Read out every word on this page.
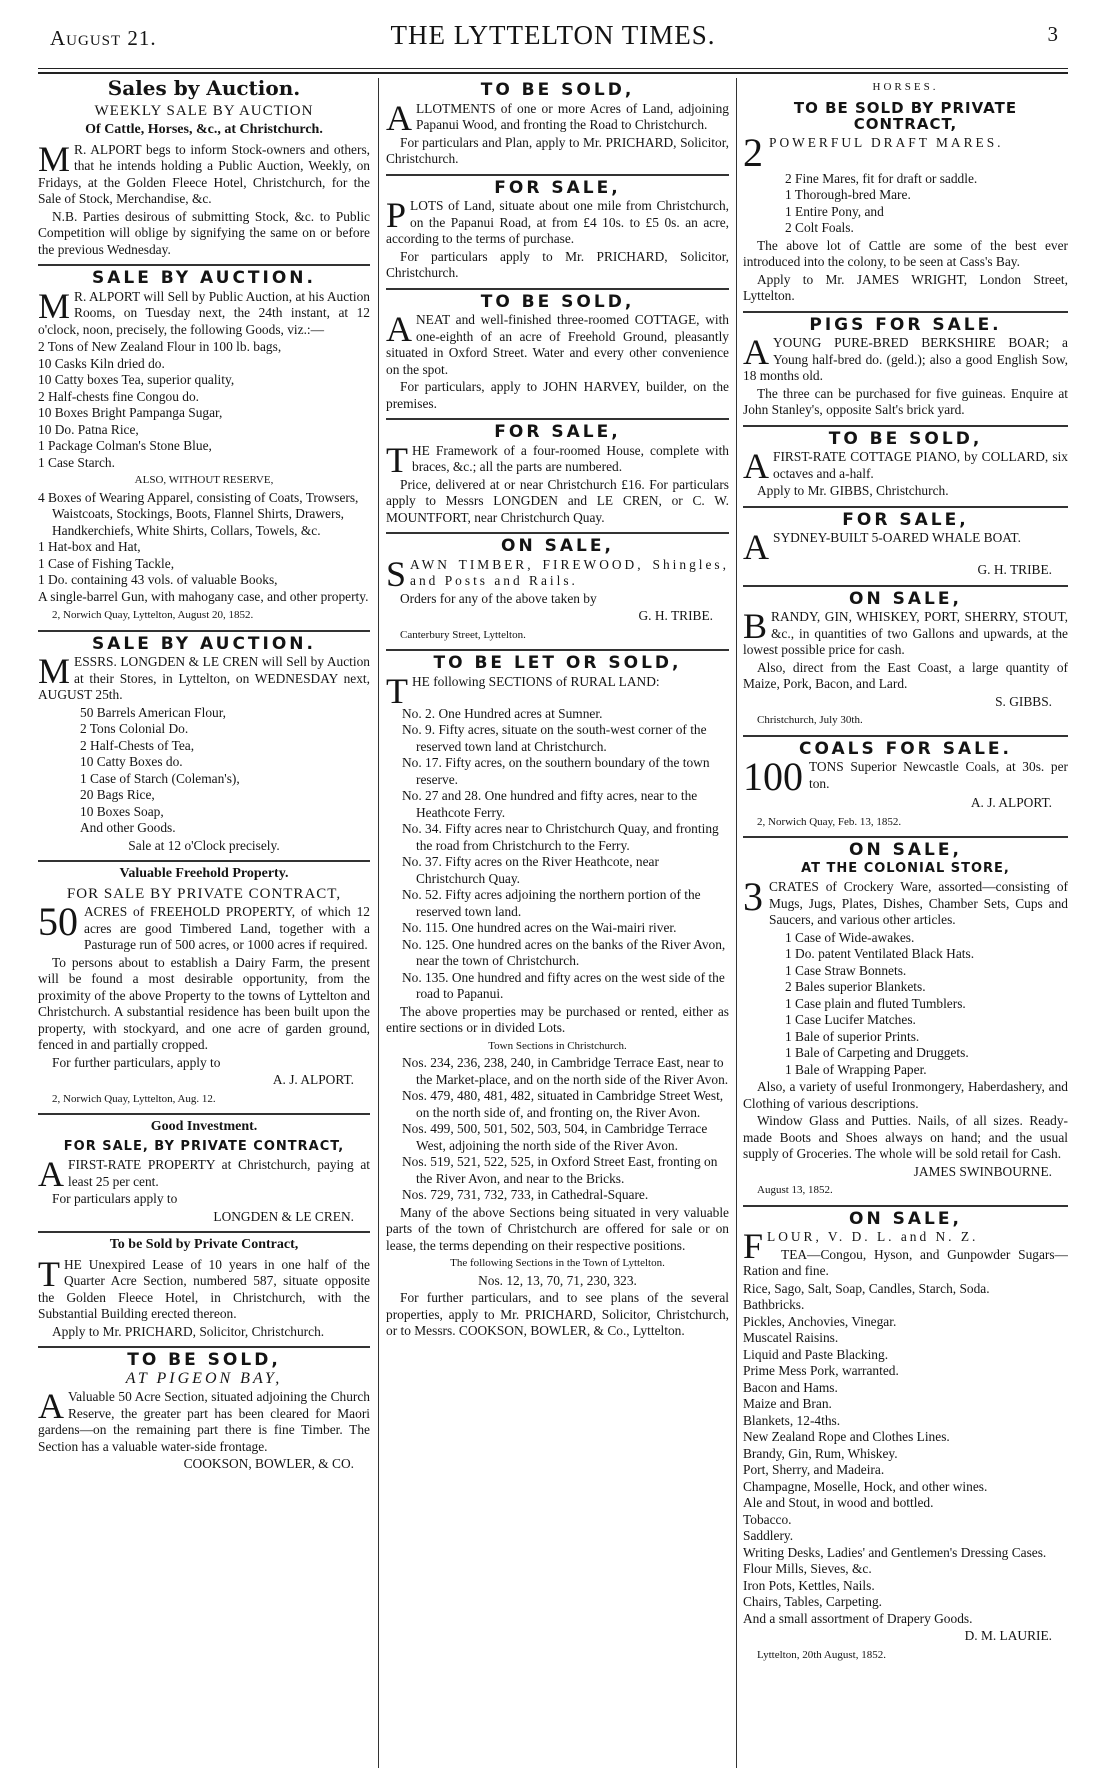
August 21.	THE LYTTELTON TIMES.	3
Sales by Auction.
WEEKLY SALE BY AUCTION
Of Cattle, Horses, &c., at Christchurch.

M R. ALPORT begs to inform Stock-owners and others, that he intends holding a Public Auction, Weekly, on Fridays, at the Golden Fleece Hotel, Christchurch, for the Sale of Stock, Merchandise, &c.

N.B. Parties desirous of submitting Stock, &c. to Public Competition will oblige by signifying the same on or before the previous Wednesday.

SALE BY AUCTION.

M R. ALPORT will Sell by Public Auction, at his Auction Rooms, on Tuesday next, the 24th instant, at 12 o'clock, noon, precisely, the following Goods, viz.:—

2 Tons of New Zealand Flour in 100 lb. bags,

10 Casks Kiln dried do.

10 Catty boxes Tea, superior quality,

2 Half-chests fine Congou do.

10 Boxes Bright Pampanga Sugar,

10 Do. Patna Rice,

1 Package Colman's Stone Blue,

1 Case Starch.

ALSO, WITHOUT RESERVE,

4 Boxes of Wearing Apparel, consisting of Coats, Trowsers, Waistcoats, Stockings, Boots, Flannel Shirts, Drawers, Handkerchiefs, White Shirts, Collars, Towels, &c.

1 Hat-box and Hat,

1 Case of Fishing Tackle,

1 Do. containing 43 vols. of valuable Books,

A single-barrel Gun, with mahogany case, and other property.

2, Norwich Quay, Lyttelton, August 20, 1852.

SALE BY AUCTION.

MESSRS. LONGDEN & LE CREN will Sell by Auction at their Stores, in Lyttelton, on WEDNESDAY next, AUGUST 25th.

50 Barrels American Flour,

2 Tons Colonial Do.

2 Half-Chests of Tea,

10 Catty Boxes do.

1 Case of Starch (Coleman's),

20 Bags Rice,

10 Boxes Soap,

And other Goods.

Sale at 12 o'Clock precisely.

Valuable Freehold Property.
FOR SALE BY PRIVATE CONTRACT,

50 ACRES of FREEHOLD PROPERTY, of which 12 acres are good Timbered Land, together with a Pasturage run of 500 acres, or 1000 acres if required.

To persons about to establish a Dairy Farm, the present will be found a most desirable opportunity, from the proximity of the above Property to the towns of Lyttelton and Christchurch. A substantial residence has been built upon the property, with stockyard, and one acre of garden ground, fenced in and partially cropped.

For further particulars, apply to

A. J. ALPORT.

2, Norwich Quay, Lyttelton, Aug. 12.

Good Investment.
FOR SALE, BY PRIVATE CONTRACT,

AFIRST-RATE PROPERTY at Christchurch, paying at least 25 per cent.

For particulars apply to

LONGDEN & LE CREN.

To be Sold by Private Contract,

THE Unexpired Lease of 10 years in one half of the Quarter Acre Section, numbered 587, situate opposite the Golden Fleece Hotel, in Christchurch, with the Substantial Building erected thereon.

Apply to Mr. PRICHARD, Solicitor, Christchurch.

TO BE SOLD,
AT PIGEON BAY,

A Valuable 50 Acre Section, situated adjoining the Church Reserve, the greater part has been cleared for Maori gardens—on the remaining part there is fine Timber. The Section has a valuable water-side frontage.

COOKSON, BOWLER, & CO.

TO BE SOLD,

ALLOTMENTS of one or more Acres of Land, adjoining Papanui Wood, and fronting the Road to Christchurch.

For particulars and Plan, apply to Mr. PRICHARD, Solicitor, Christchurch.

FOR SALE,

PLOTS of Land, situate about one mile from Christchurch, on the Papanui Road, at from £4 10s. to £5 0s. an acre, according to the terms of purchase.

For particulars apply to Mr. PRICHARD, Solicitor, Christchurch.

TO BE SOLD,

ANEAT and well-finished three-roomed COTTAGE, with one-eighth of an acre of Freehold Ground, pleasantly situated in Oxford Street. Water and every other convenience on the spot.

For particulars, apply to JOHN HARVEY, builder, on the premises.

FOR SALE,

THE Framework of a four-roomed House, complete with braces, &c.; all the parts are numbered.

Price, delivered at or near Christchurch £16. For particulars apply to Messrs LONGDEN and LE CREN, or C. W. MOUNTFORT, near Christchurch Quay.

ON SALE,

SAWN TIMBER, FIREWOOD, Shingles, and Posts and Rails.

Orders for any of the above taken by

G. H. TRIBE.

Canterbury Street, Lyttelton.

TO BE LET OR SOLD,

THE following SECTIONS of RURAL LAND:

No. 2. One Hundred acres at Sumner.

No. 9. Fifty acres, situate on the south-west corner of the reserved town land at Christchurch.

No. 17. Fifty acres, on the southern boundary of the town reserve.

No. 27 and 28. One hundred and fifty acres, near to the Heathcote Ferry.

No. 34. Fifty acres near to Christchurch Quay, and fronting the road from Christchurch to the Ferry.

No. 37. Fifty acres on the River Heathcote, near Christchurch Quay.

No. 52. Fifty acres adjoining the northern portion of the reserved town land.

No. 115. One hundred acres on the Wai-mairi river.

No. 125. One hundred acres on the banks of the River Avon, near the town of Christchurch.

No. 135. One hundred and fifty acres on the west side of the road to Papanui.

The above properties may be purchased or rented, either as entire sections or in divided Lots.

Town Sections in Christchurch.

Nos. 234, 236, 238, 240, in Cambridge Terrace East, near to the Market-place, and on the north side of the River Avon.

Nos. 479, 480, 481, 482, situated in Cambridge Street West, on the north side of, and fronting on, the River Avon.

Nos. 499, 500, 501, 502, 503, 504, in Cambridge Terrace West, adjoining the north side of the River Avon.

Nos. 519, 521, 522, 525, in Oxford Street East, fronting on the River Avon, and near to the Bricks.

Nos. 729, 731, 732, 733, in Cathedral-Square.

Many of the above Sections being situated in very valuable parts of the town of Christchurch are offered for sale or on lease, the terms depending on their respective positions.

The following Sections in the Town of Lyttelton.

Nos. 12, 13, 70, 71, 230, 323.

For further particulars, and to see plans of the several properties, apply to Mr. PRICHARD, Solicitor, Christchurch, or to Messrs. COOKSON, BOWLER, & Co., Lyttelton.

HORSES.
TO BE SOLD BY PRIVATE CONTRACT,

2 POWERFUL DRAFT MARES.

2 Fine Mares, fit for draft or saddle.

1 Thorough-bred Mare.

1 Entire Pony, and

2 Colt Foals.

The above lot of Cattle are some of the best ever introduced into the colony, to be seen at Cass's Bay.

Apply to Mr. JAMES WRIGHT, London Street, Lyttelton.

PIGS FOR SALE.

AYOUNG PURE-BRED BERKSHIRE BOAR; a Young half-bred do. (geld.); also a good English Sow, 18 months old.

The three can be purchased for five guineas. Enquire at John Stanley's, opposite Salt's brick yard.

TO BE SOLD,

AFIRST-RATE COTTAGE PIANO, by COLLARD, six octaves and a-half.

Apply to Mr. GIBBS, Christchurch.

FOR SALE,

ASYDNEY-BUILT 5-OARED WHALE BOAT.

G. H. TRIBE.

ON SALE,

BRANDY, GIN, WHISKEY, PORT, SHERRY, STOUT, &c., in quantities of two Gallons and upwards, at the lowest possible price for cash.

Also, direct from the East Coast, a large quantity of Maize, Pork, Bacon, and Lard.

S. GIBBS.

Christchurch, July 30th.

COALS FOR SALE.

100 TONS Superior Newcastle Coals, at 30s. per ton.

A. J. ALPORT.

2, Norwich Quay, Feb. 13, 1852.

ON SALE,
AT THE COLONIAL STORE,

3 CRATES of Crockery Ware, assorted—consisting of Mugs, Jugs, Plates, Dishes, Chamber Sets, Cups and Saucers, and various other articles.

1 Case of Wide-awakes.

1 Do. patent Ventilated Black Hats.

1 Case Straw Bonnets.

2 Bales superior Blankets.

1 Case plain and fluted Tumblers.

1 Case Lucifer Matches.

1 Bale of superior Prints.

1 Bale of Carpeting and Druggets.

1 Bale of Wrapping Paper.

Also, a variety of useful Ironmongery, Haberdashery, and Clothing of various descriptions.

Window Glass and Putties. Nails, of all sizes. Ready-made Boots and Shoes always on hand; and the usual supply of Groceries. The whole will be sold retail for Cash.

JAMES SWINBOURNE.

August 13, 1852.

ON SALE,

FLOUR, V. D. L. and N. Z.

TEA—Congou, Hyson, and Gunpowder Sugars—Ration and fine.

Rice, Sago, Salt, Soap, Candles, Starch, Soda.

Bathbricks.

Pickles, Anchovies, Vinegar.

Muscatel Raisins.

Liquid and Paste Blacking.

Prime Mess Pork, warranted.

Bacon and Hams.

Maize and Bran.

Blankets, 12-4ths.

New Zealand Rope and Clothes Lines.

Brandy, Gin, Rum, Whiskey.

Port, Sherry, and Madeira.

Champagne, Moselle, Hock, and other wines.

Ale and Stout, in wood and bottled.

Tobacco.

Saddlery.

Writing Desks, Ladies' and Gentlemen's Dressing Cases.

Flour Mills, Sieves, &c.

Iron Pots, Kettles, Nails.

Chairs, Tables, Carpeting.

And a small assortment of Drapery Goods.

D. M. LAURIE.

Lyttelton, 20th August, 1852.
